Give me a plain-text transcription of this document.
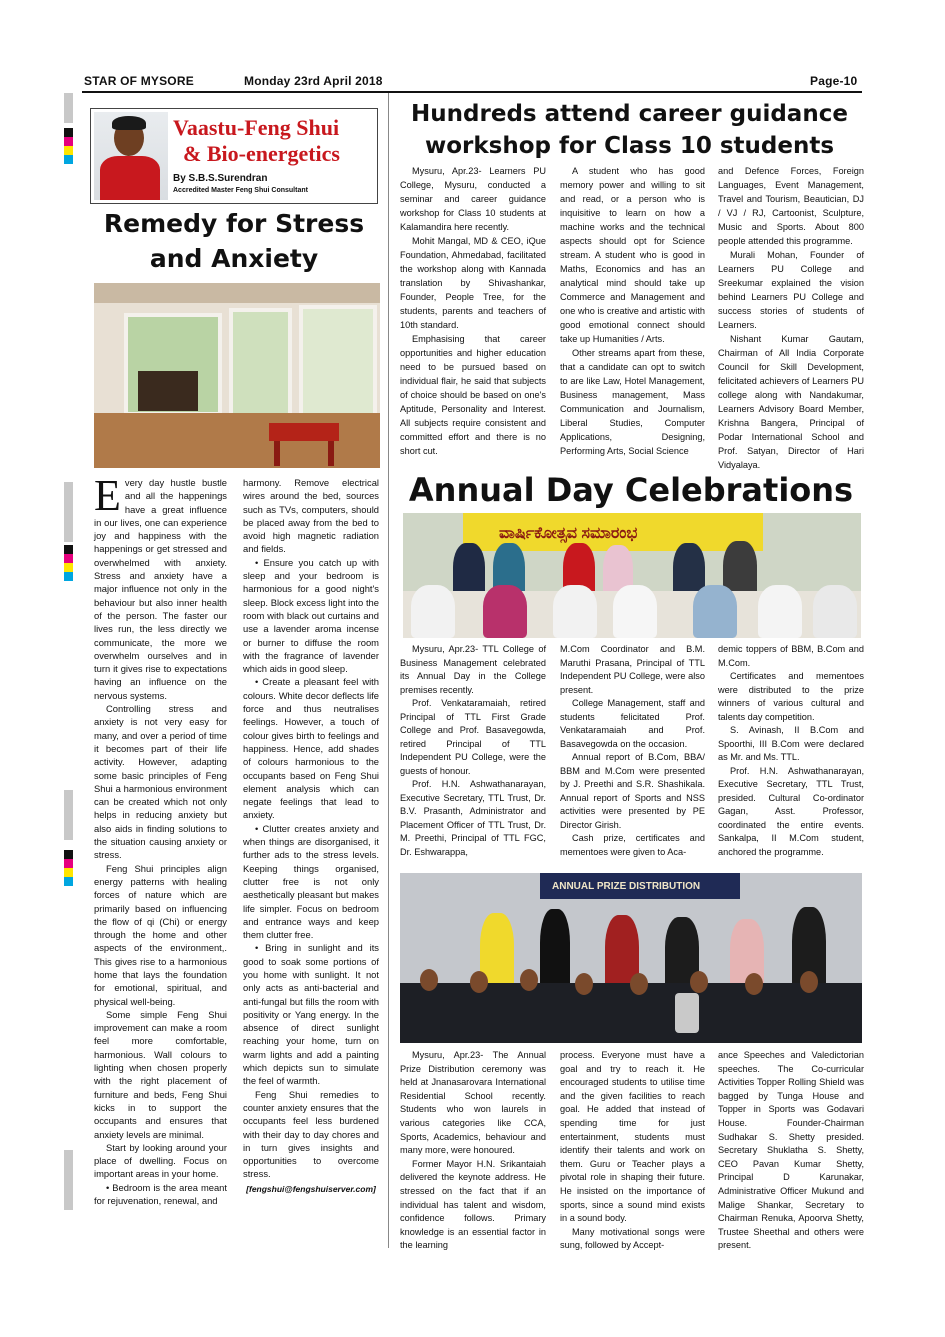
STAR OF MYSORE	Monday 23rd April 2018	Page-10
Vaastu-Feng Shui
& Bio-energetics
By S.B.S.Surendran
Accredited Master Feng Shui Consultant
Remedy for Stress
and Anxiety
E very day hustle bustle and all the happenings have a great influence in our lives, one can experience joy and happiness with the happenings or get stressed and overwhelmed with anxiety. Stress and anxiety have a major influence not only in the behaviour but also inner health of the person. The faster our lives run, the less directly we communicate, the more we overwhelm ourselves and in turn it gives rise to expectations having an influence on the nervous systems.

Controlling stress and anxiety is not very easy for many, and over a period of time it becomes part of their life activity. However, adapting some basic principles of Feng Shui a harmonious environment can be created which not only helps in reducing anxiety but also aids in finding solutions to the situation causing anxiety or stress.

Feng Shui principles align energy patterns with healing forces of nature which are primarily based on influencing the flow of qi (Chi) or energy through the home and other aspects of the environment,. This gives rise to a harmonious home that lays the foundation for emotional, spiritual, and physical well-being.

Some simple Feng Shui improvement can make a room feel more comfortable, harmonious. Wall colours to lighting when chosen properly with the right placement of furniture and beds, Feng Shui kicks in to support the occupants and ensures that anxiety levels are minimal.

Start by looking around your place of dwelling. Focus on important areas in your home.

• Bedroom is the area meant for rejuvenation, renewal, and

harmony. Remove electrical wires around the bed, sources such as TVs, computers, should be placed away from the bed to avoid high magnetic radiation and fields.

• Ensure you catch up with sleep and your bedroom is harmonious for a good night's sleep. Block excess light into the room with black out curtains and use a lavender aroma incense or burner to diffuse the room with the fragrance of lavender which aids in good sleep.

• Create a pleasant feel with colours. White decor deflects life force and thus neutralises feelings. However, a touch of colour gives birth to feelings and happiness. Hence, add shades of colours harmonious to the occupants based on Feng Shui element analysis which can negate feelings that lead to anxiety.

• Clutter creates anxiety and when things are disorganised, it further ads to the stress levels. Keeping things organised, clutter free is not only aesthetically pleasant but makes life simpler. Focus on bedroom and entrance ways and keep them clutter free.

• Bring in sunlight and its good to soak some portions of you home with sunlight. It not only acts as anti-bacterial and anti-fungal but fills the room with positivity or Yang energy. In the absence of direct sunlight reaching your home, turn on warm lights and add a painting which depicts sun to simulate the feel of warmth.

Feng Shui remedies to counter anxiety ensures that the occupants feel less burdened with their day to day chores and in turn gives insights and opportunities to overcome stress.

[fengshui@fengshuiserver.com]

Hundreds attend career guidance
workshop for Class 10 students

Mysuru, Apr.23- Learners PU College, Mysuru, conducted a seminar and career guidance workshop for Class 10 students at Kalamandira here recently.

Mohit Mangal, MD & CEO, iQue Foundation, Ahmedabad, facilitated the workshop along with Kannada translation by Shivashankar, Founder, People Tree, for the students, parents and teachers of 10th standard.

Emphasising that career opportunities and higher education need to be pursued based on individual flair, he said that subjects of choice should be based on one's Aptitude, Personality and Interest. All subjects require consistent and committed effort and there is no short cut.

A student who has good memory power and willing to sit and read, or a person who is inquisitive to learn on how a machine works and the technical aspects should opt for Science stream. A student who is good in Maths, Economics and has an analytical mind should take up Commerce and Management and one who is creative and artistic with good emotional connect should take up Humanities / Arts.

Other streams apart from these, that a candidate can opt to switch to are like Law, Hotel Management, Business management, Mass Communication and Journalism, Liberal Studies, Computer Applications, Designing, Performing Arts, Social Science

and Defence Forces, Foreign Languages, Event Management, Travel and Tourism, Beautician, DJ / VJ / RJ, Cartoonist, Sculpture, Music and Sports. About 800 people attended this programme.

Murali Mohan, Founder of Learners PU College and Sreekumar explained the vision behind Learners PU College and success stories of students of Learners.

Nishant Kumar Gautam, Chairman of All India Corporate Council for Skill Development, felicitated achievers of Learners PU college along with Nandakumar, Learners Advisory Board Member, Krishna Bangera, Principal of Podar International School and Prof. Satyan, Director of Hari Vidyalaya.

Annual Day Celebrations
ವಾರ್ಷಿಕೋತ್ಸವ ಸಮಾರಂಭ

Mysuru, Apr.23- TTL College of Business Management celebrated its Annual Day in the College premises recently.

Prof. Venkataramaiah, retired Principal of TTL First Grade College and Prof. Basavegowda, retired Principal of TTL Independent PU College, were the guests of honour.

Prof. H.N. Ashwathanarayan, Executive Secretary, TTL Trust, Dr. B.V. Prasanth, Administrator and Placement Officer of TTL Trust, Dr. M. Preethi, Principal of TTL FGC, Dr. Eshwarappa,

M.Com Coordinator and B.M. Maruthi Prasana, Principal of TTL Independent PU College, were also present.

College Management, staff and students felicitated Prof. Venkataramaiah and Prof. Basavegowda on the occasion.

Annual report of B.Com, BBA/ BBM and M.Com were presented by J. Preethi and S.R. Shashikala. Annual report of Sports and NSS activities were presented by PE Director Girish.

Cash prize, certificates and mementoes were given to Aca-

demic toppers of BBM, B.Com and M.Com.

Certificates and mementoes were distributed to the prize winners of various cultural and talents day competition.

S. Avinash, II B.Com and Spoorthi, III B.Com were declared as Mr. and Ms. TTL.

Prof. H.N. Ashwathanarayan, Executive Secretary, TTL Trust, presided. Cultural Co-ordinator Gagan, Asst. Professor, coordinated the entire events. Sankalpa, II M.Com student, anchored the programme.

ANNUAL PRIZE DISTRIBUTION

Mysuru, Apr.23- The Annual Prize Distribution ceremony was held at Jnanasarovara International Residential School recently. Students who won laurels in various categories like CCA, Sports, Academics, behaviour and many more, were honoured.

Former Mayor H.N. Srikantaiah delivered the keynote address. He stressed on the fact that if an individual has talent and wisdom, confidence follows. Primary knowledge is an essential factor in the learning

process. Everyone must have a goal and try to reach it. He encouraged students to utilise time and the given facilities to reach goal. He added that instead of spending time for just entertainment, students must identify their talents and work on them. Guru or Teacher plays a pivotal role in shaping their future. He insisted on the importance of sports, since a sound mind exists in a sound body.

Many motivational songs were sung, followed by Accept-

ance Speeches and Valedictorian speeches. The Co-curricular Activities Topper Rolling Shield was bagged by Tunga House and Topper in Sports was Godavari House. Founder-Chairman Sudhakar S. Shetty presided. Secretary Shuklatha S. Shetty, CEO Pavan Kumar Shetty, Principal D Karunakar, Administrative Officer Mukund and Malige Shankar, Secretary to Chairman Renuka, Apoorva Shetty, Trustee Sheethal and others were present.
